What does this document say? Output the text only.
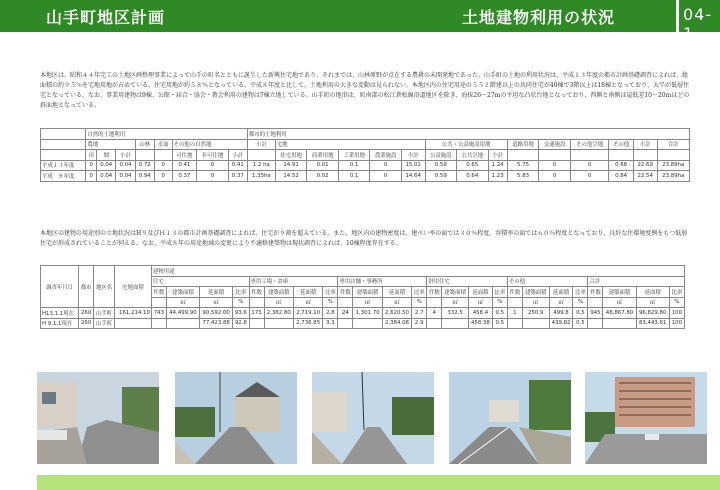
山手町地区計画	土地建物利用の状況	04-1
本地区は、昭和４４年完工の土地区画整理事業によって山手の町名とともに誕生した新興住宅地であり、それまでは、山林原野が点在する農耕の未開発地であった。山手町の土地の利用状況は、平成１３年度の都市計画基礎調査によれば、総面積の約９５％を宅地用地が占めている。住宅用地が約５８％となっている。平成８年度と比して、土地利用の大きな変動は見られない。本地区内の住宅用途の５５２階建以上の共同住宅が40棟で3階以上は18棟となっており、大半が低層住宅となっている。なお、事業用建物は9棟、公館・届合・協会・教会利用の建物は7棟立地している。山手町の地形は、町南部の松江倉松線沿道地区を除き、海抜26～27mの平坦な凸状台地となっており、西側と南側は崖低差10～20mほどの斜面地となっている。
	自然的土地利用								都市的土地利用														
	農地			山林	水面	その他の自然地			小計	宅地					公共・公益施設用地			道路用地	交通施設	その他空地	その他	小計	合計
	田	畑	小計			可住地	非可住地	小計		住宅用地	商業用地	工業用地	農業施設	小計	公益施設	公共空地	小計						
平成１３年度	0	0.04	0.04	0.72	0	0.41	0	0.41	1.2 ha	14.91	0.01	0.1	0	15.02	0.59	0.65	1.24	5.75	0	0	0.68	22.69	23.89ha
平成　８年度	0	0.04	0.04	0.94	0	0.37	0	0.37	1.35ha	14.52	0.02	0.1	0	14.64	0.59	0.64	1.23	5.83	0	0	0.84	22.54	23.89ha
本地区の建物の用途別の立地状況はH９及びＨ１３の都市計画基礎調査によれば、住宅が９割を超えている。また、地区内の建物密度は、建ぺい率の面では３０％程度、容積率の面では６０％程度となっており、良好な住環境度例をもつ低層住宅が形成されていることが伺える。なお、平成８年の用途地域の変更により不適格建築物は現状調査によれば、10棟程度存在する。
調査年月日	都市	地区名	宅地面積	建物用途																							
				住宅				専用工場・倉庫				専用店舗・事務所				併用住宅				その他				合計			
				件数	建築面積	延面積	比率	件数	建築面積	延面積	比率	件数	建築面積	延面積	比率	件数	建築面積	延面積	比率	件数	建築面積	延面積	比率	件数	建築面積	延面積	比率
					㎡	㎡	%		㎡	㎡	%		㎡	㎡	%		㎡	㎡	%		㎡	㎡	%		㎡	㎡	%
H13.1.1現在	260	山手町	161,214.10	743	44,499.90	90,592.00	93.6	173	2,382.80	2,719.10	2.8	24	1,301.70	2,620.50	2.7	4	332.5	458.4	0.5	1	250.9	499.8	0.5	945	48,867.80	96,829.80	100
H 9.1.1現在	260	山手町				77,423.88	92.8			2,736.85	3.3			2,384.08	2.9			458.38	0.5			439.82	0.5			83,443.61	100
